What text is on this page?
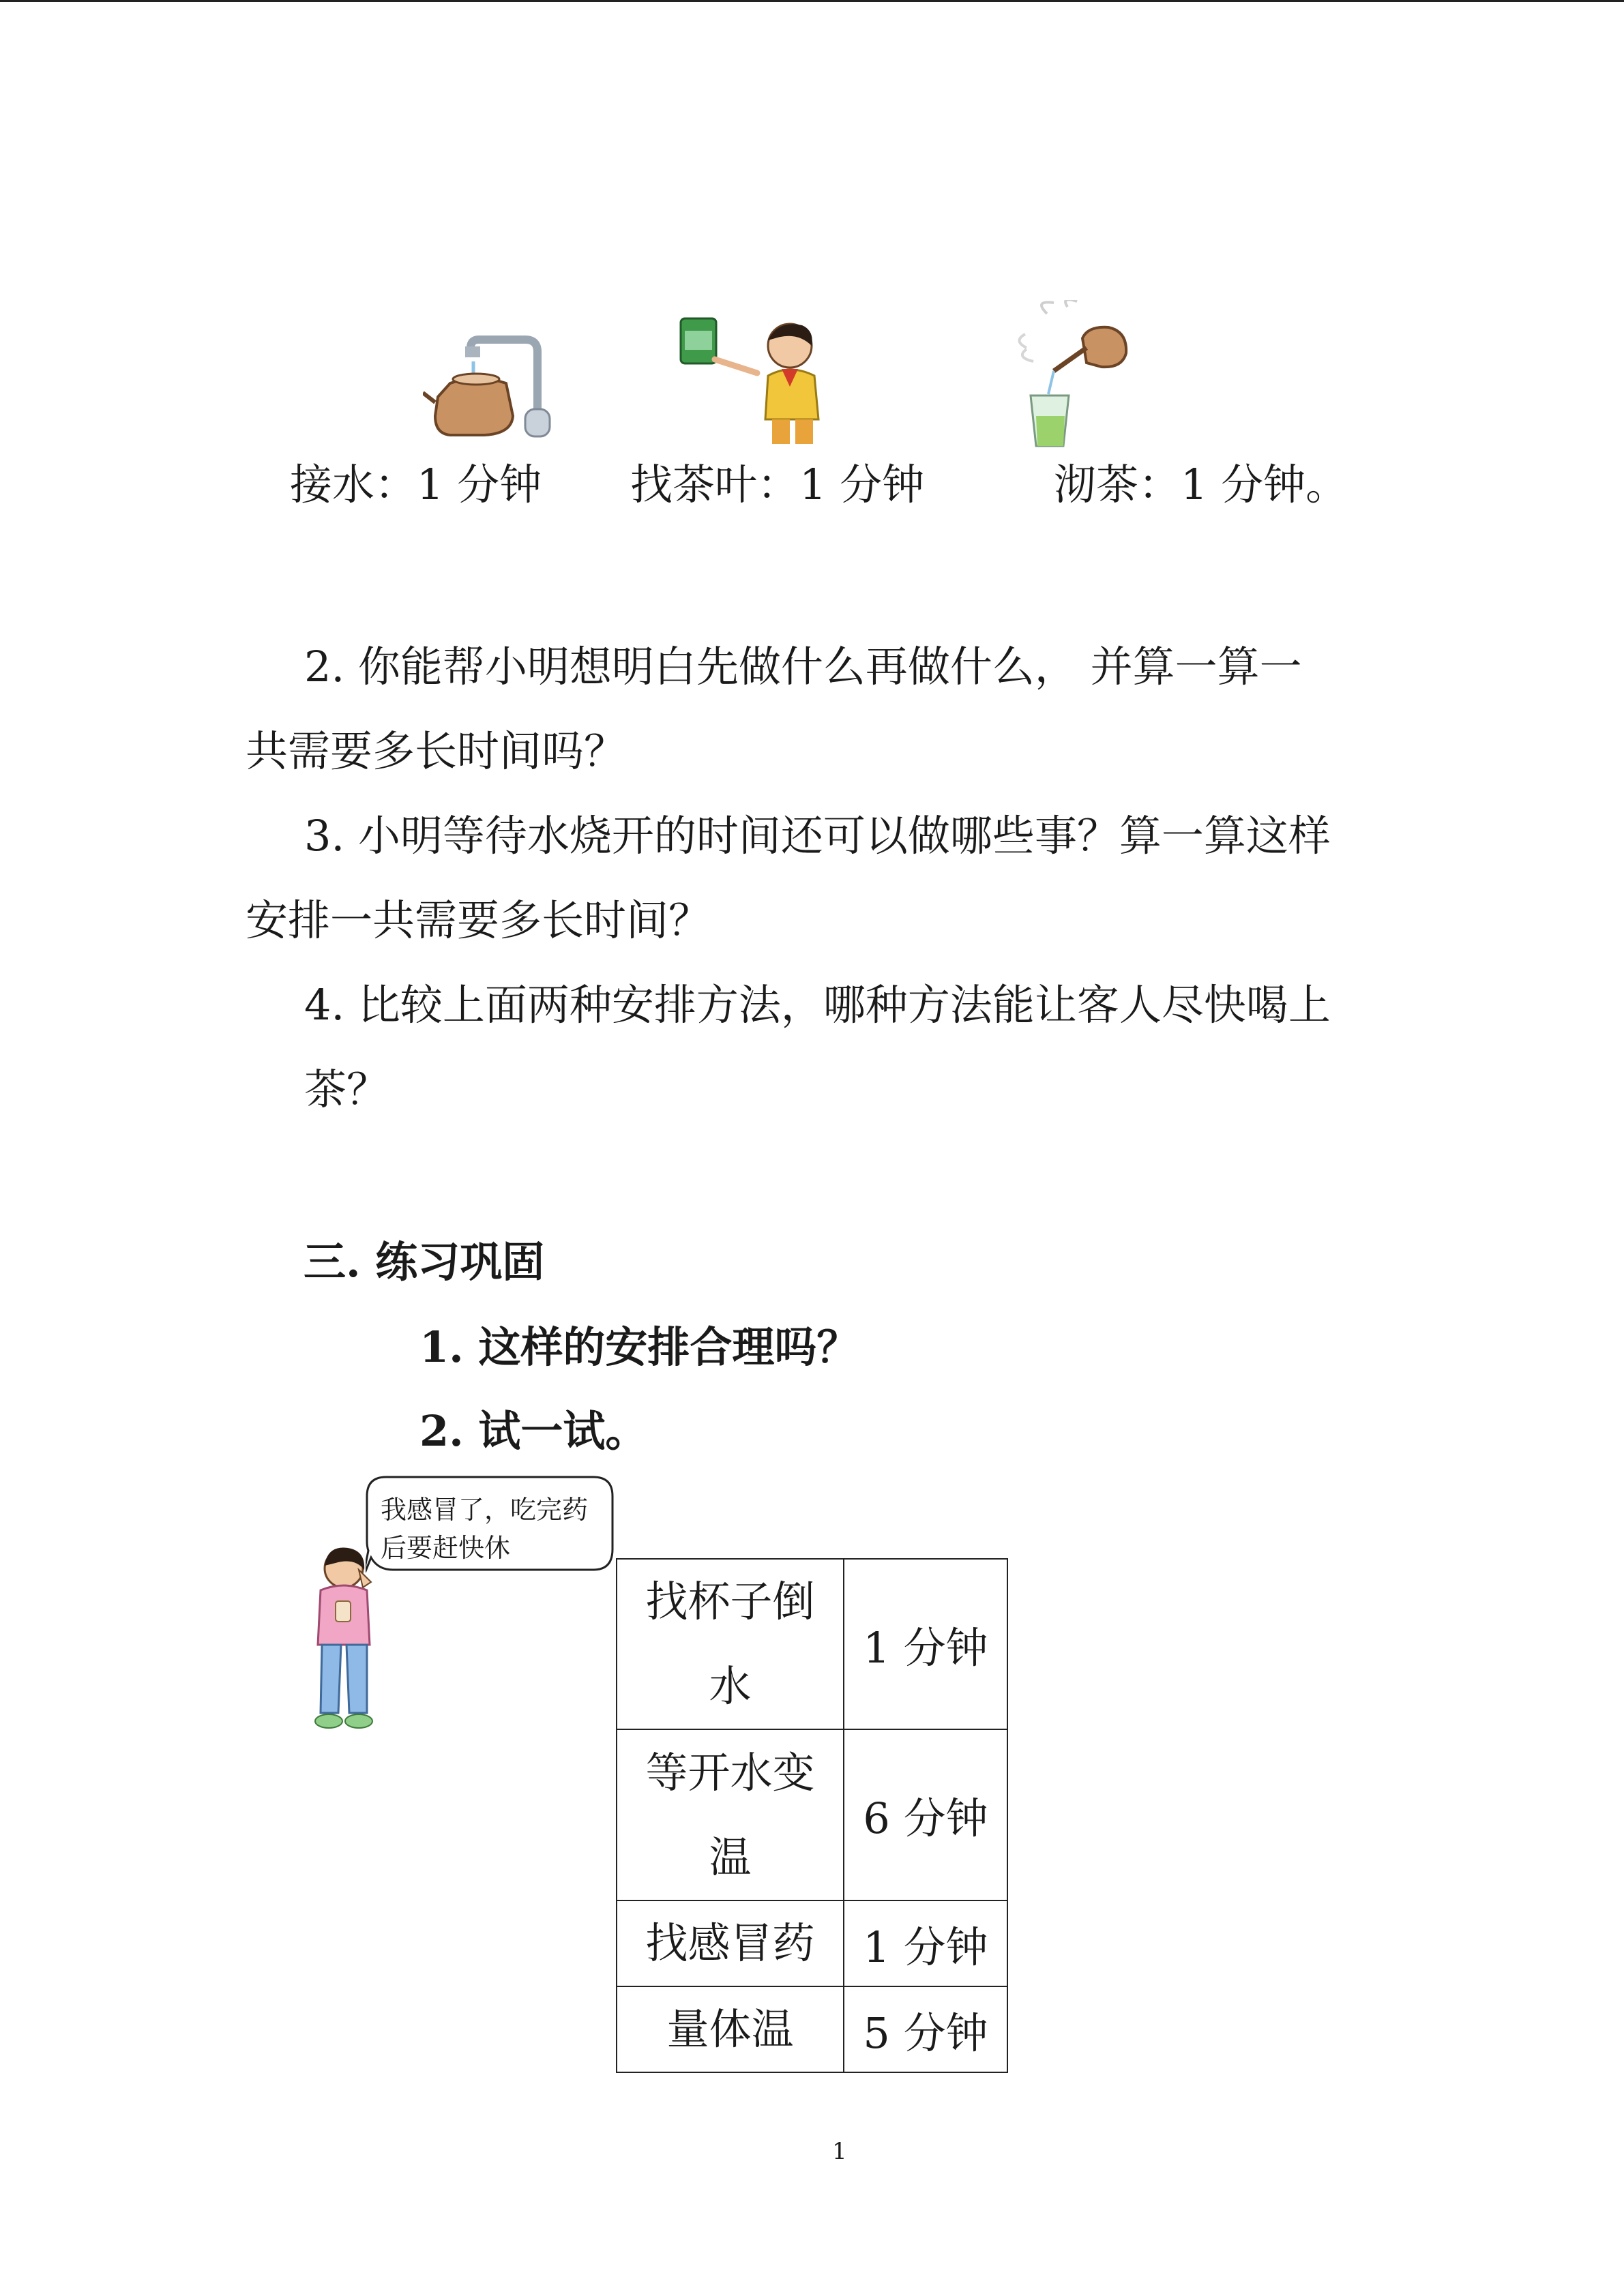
接水：1 分钟 找茶叶：1 分钟	沏茶：1 分钟。

2. 你能帮小明想明白先做什么再做什么， 并算一算一
共需要多长时间吗？

3. 小明等待水烧开的时间还可以做哪些事？算一算这样
安排一共需要多长时间？

4. 比较上面两种安排方法，哪种方法能让客人尽快喝上
茶？

三. 练习巩固
1. 这样的安排合理吗？
2. 试一试。
我感冒了，吃完药后要赶快休
找杯子倒水	1 分钟
等开水变温	6 分钟
找感冒药	1 分钟
量体温	5 分钟
1
